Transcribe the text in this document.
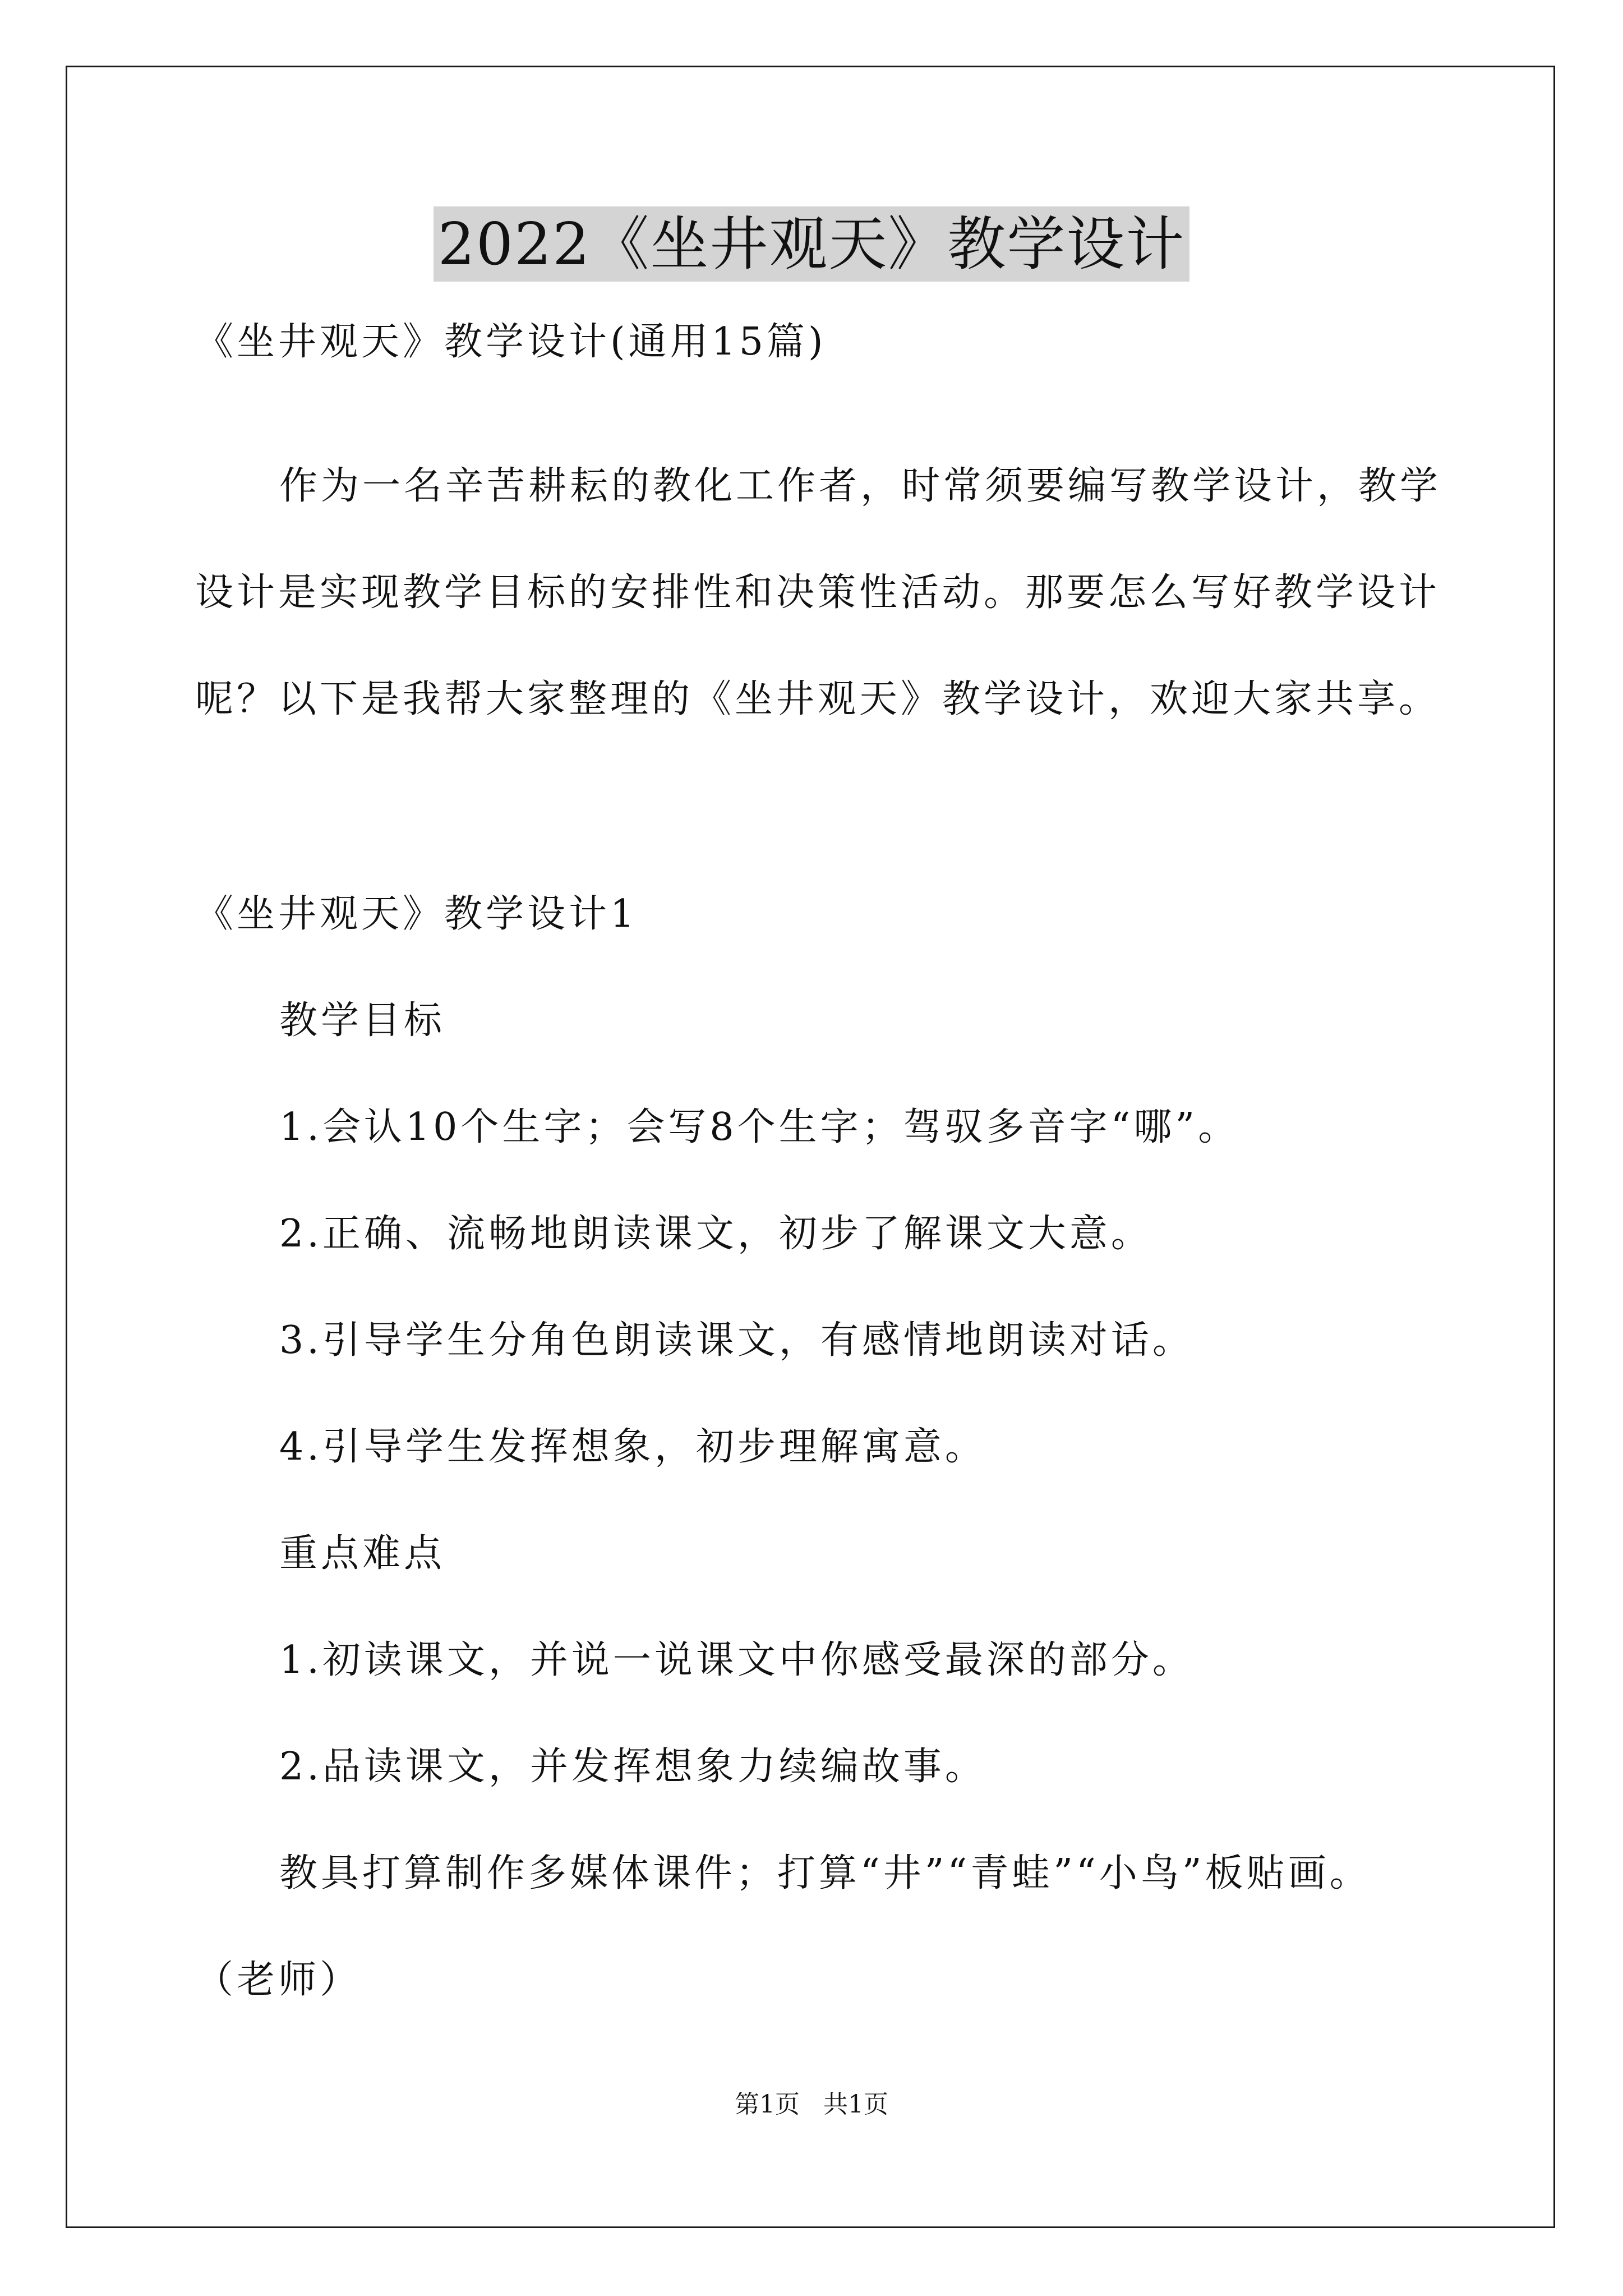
2022《坐井观天》教学设计
《坐井观天》教学设计(通用15篇)
作为一名辛苦耕耘的教化工作者，时常须要编写教学设计，教学
设计是实现教学目标的安排性和决策性活动。那要怎么写好教学设计
呢？以下是我帮大家整理的《坐井观天》教学设计，欢迎大家共享。
《坐井观天》教学设计1
教学目标
1.会认10个生字；会写8个生字；驾驭多音字“哪”。
2.正确、流畅地朗读课文，初步了解课文大意。
3.引导学生分角色朗读课文，有感情地朗读对话。
4.引导学生发挥想象，初步理解寓意。
重点难点
1.初读课文，并说一说课文中你感受最深的部分。
2.品读课文，并发挥想象力续编故事。
教具打算制作多媒体课件；打算“井”“青蛙”“小鸟”板贴画。
（老师）
第1页   共1页
